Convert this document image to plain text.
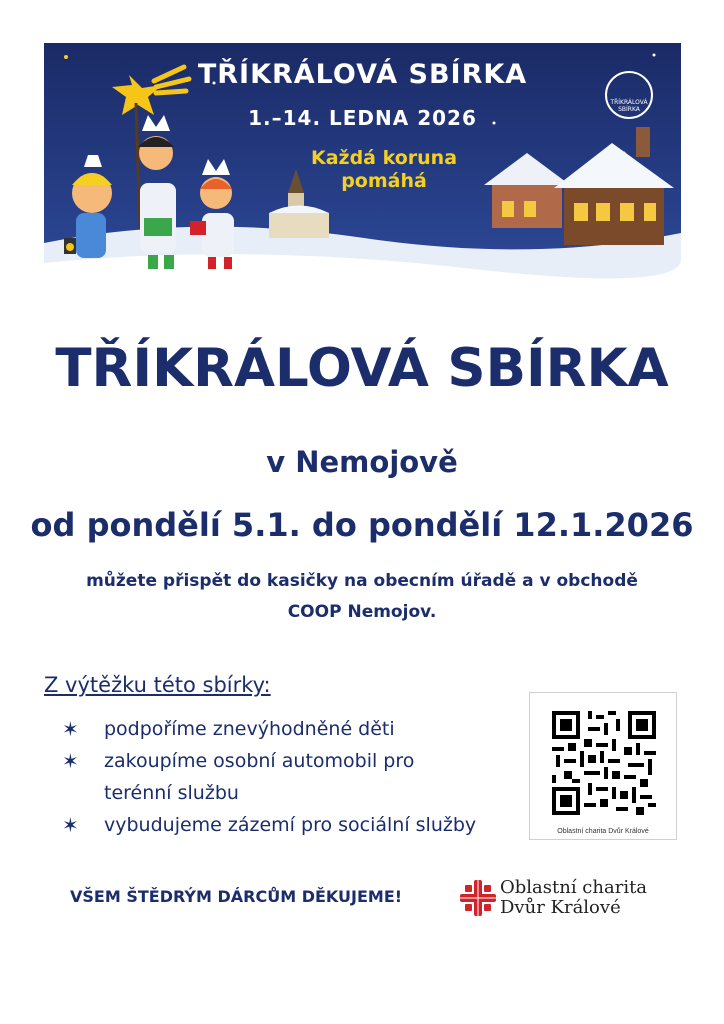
TŘÍKRÁLOVÁ SBÍRKA
1.–14. LEDNA 2026
Každá koruna
pomáhá
TŘÍKRÁLOVÁ SBÍRKA
TŘÍKRÁLOVÁ SBÍRKA
v Nemojově
od pondělí 5.1. do pondělí 12.1.2026
můžete přispět do kasičky na obecním úřadě a v obchodě
COOP Nemojov.
Z výtěžku této sbírky:
✶ podpoříme znevýhodněné děti
✶ zakoupíme osobní automobil pro
terénní službu
✶ vybudujeme zázemí pro sociální služby	Oblastní charita Dvůr Králové
VŠEM ŠTĚDRÝM DÁRCŮM DĚKUJEME!	Oblastní charita
Dvůr Králové
